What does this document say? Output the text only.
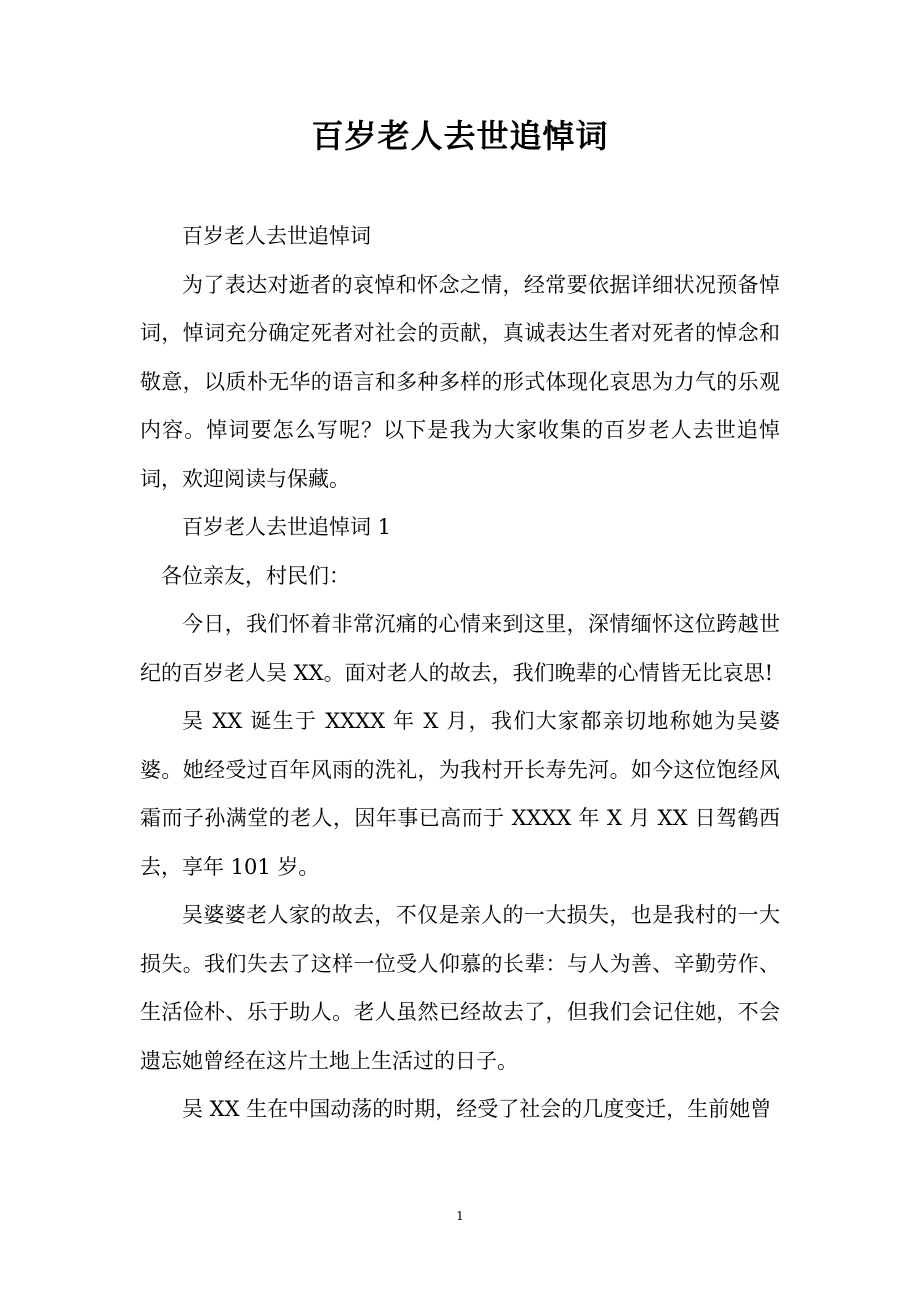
百岁老人去世追悼词

百岁老人去世追悼词

为了表达对逝者的哀悼和怀念之情，经常要依据详细状况预备悼词，悼词充分确定死者对社会的贡献，真诚表达生者对死者的悼念和敬意，以质朴无华的语言和多种多样的形式体现化哀思为力气的乐观内容。悼词要怎么写呢？以下是我为大家收集的百岁老人去世追悼词，欢迎阅读与保藏。

百岁老人去世追悼词 1

各位亲友，村民们：

今日，我们怀着非常沉痛的心情来到这里，深情缅怀这位跨越世纪的百岁老人吴 XX。面对老人的故去，我们晚辈的心情皆无比哀思!

吴 XX 诞生于 XXXX 年 X 月，我们大家都亲切地称她为吴婆婆。她经受过百年风雨的洗礼，为我村开长寿先河。如今这位饱经风霜而子孙满堂的老人，因年事已高而于 XXXX 年 X 月 XX 日驾鹤西去，享年 101 岁。

吴婆婆老人家的故去，不仅是亲人的一大损失，也是我村的一大损失。我们失去了这样一位受人仰慕的长辈：与人为善、辛勤劳作、生活俭朴、乐于助人。老人虽然已经故去了，但我们会记住她，不会遗忘她曾经在这片土地上生活过的日子。

吴 XX 生在中国动荡的时期，经受了社会的几度变迁，生前她曾

1
